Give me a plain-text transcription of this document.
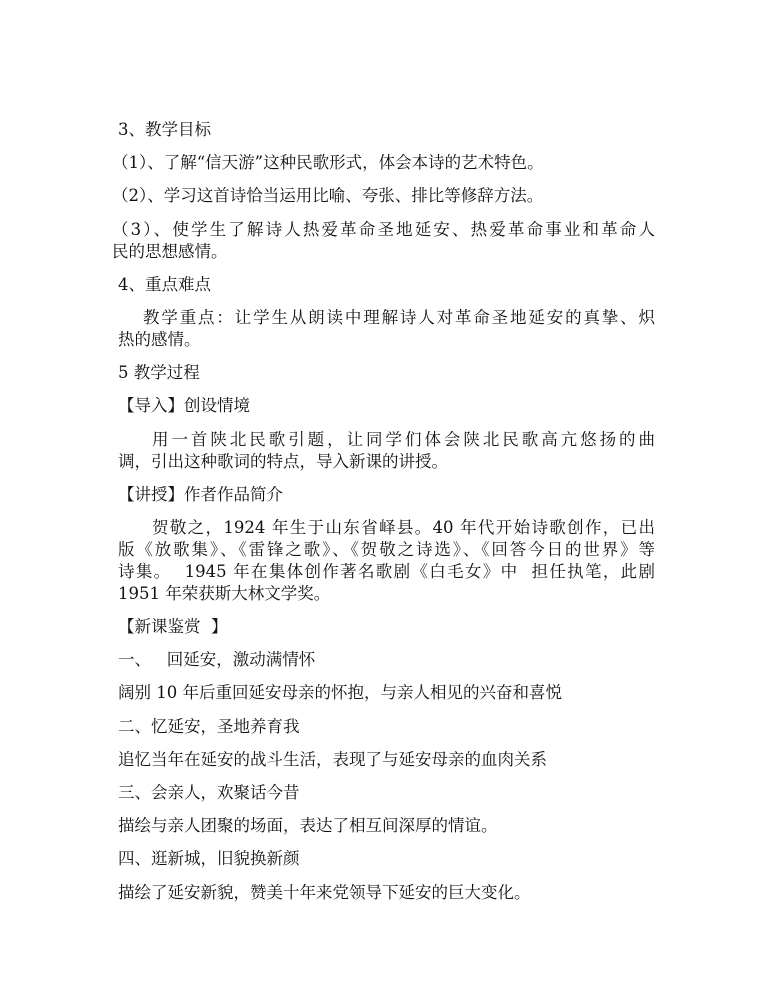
3、教学目标
（1）、了解“信天游”这种民歌形式，体会本诗的艺术特色。
（2）、学习这首诗恰当运用比喻、夸张、排比等修辞方法。
（3）、使学生了解诗人热爱革命圣地延安、热爱革命事业和革命人
民的思想感情。
4、重点难点
教学重点：让学生从朗读中理解诗人对革命圣地延安的真挚、炽
热的感情。
5 教学过程
【导入】创设情境
用一首陕北民歌引题，让同学们体会陕北民歌高亢悠扬的曲
调，引出这种歌词的特点，导入新课的讲授。
【讲授】作者作品简介
贺敬之，1924 年生于山东省峄县。40 年代开始诗歌创作，已出
版《放歌集》、《雷锋之歌》、《贺敬之诗选》、《回答今日的世界》等
诗集。  1945 年在集体创作著名歌剧《白毛女》中  担任执笔，此剧
1951 年荣获斯大林文学奖。
【新课鉴赏  】
一、   回延安，激动满情怀
阔别 10 年后重回延安母亲的怀抱，与亲人相见的兴奋和喜悦
二、忆延安，圣地养育我
追忆当年在延安的战斗生活，表现了与延安母亲的血肉关系
三、会亲人，欢聚话今昔
描绘与亲人团聚的场面，表达了相互间深厚的情谊。
四、逛新城，旧貌换新颜
描绘了延安新貌，赞美十年来党领导下延安的巨大变化。
